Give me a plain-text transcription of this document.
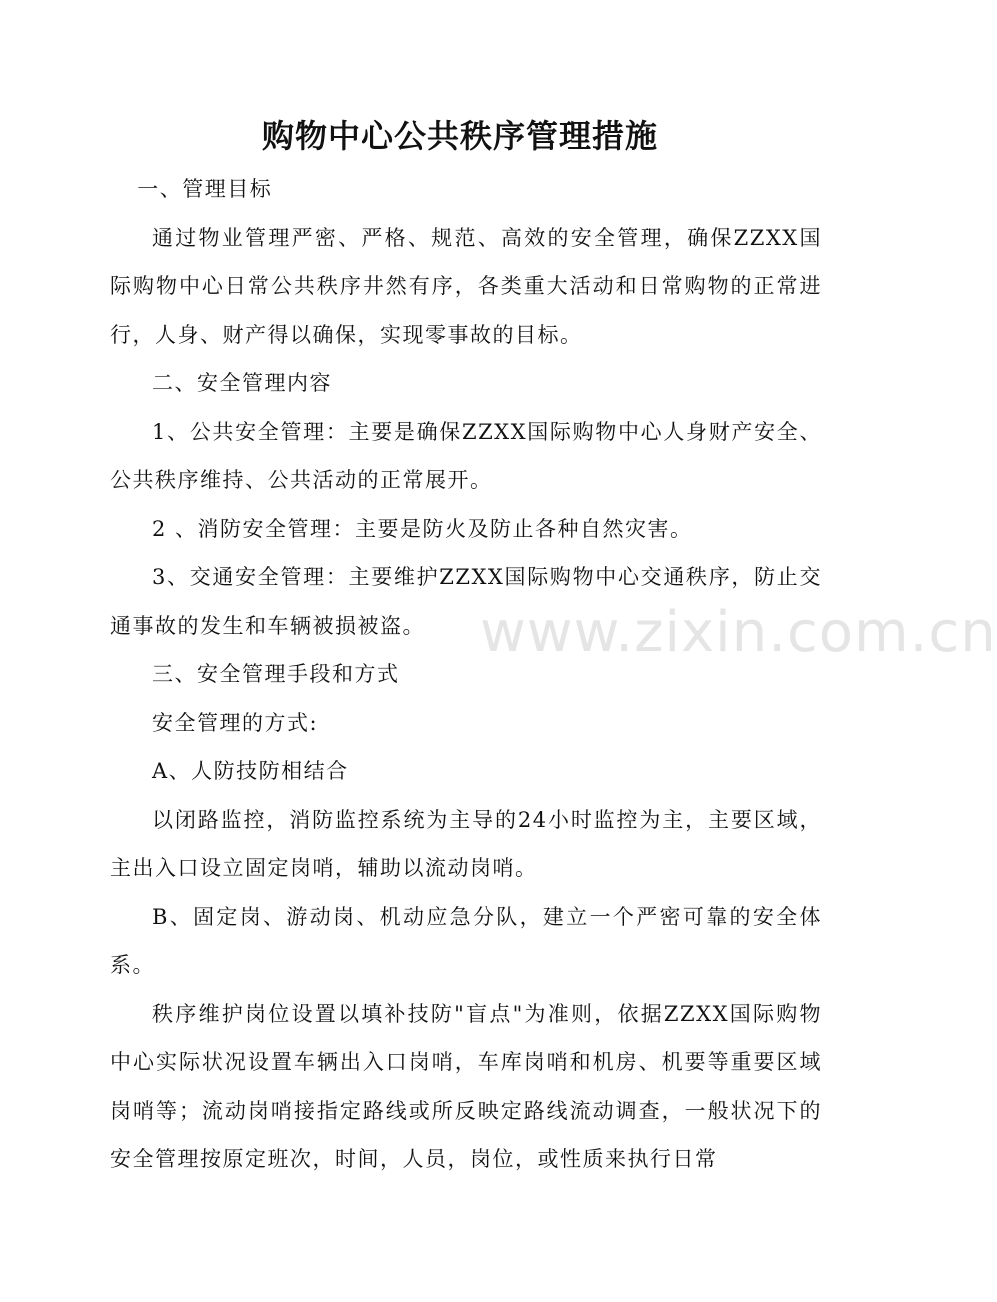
购物中心公共秩序管理措施

一、管理目标

通过物业管理严密、严格、规范、高效的安全管理，确保ZZXX国际购物中心日常公共秩序井然有序，各类重大活动和日常购物的正常进行，人身、财产得以确保，实现零事故的目标。

二、安全管理内容

1、公共安全管理：主要是确保ZZXX国际购物中心人身财产安全、公共秩序维持、公共活动的正常展开。

2 、消防安全管理：主要是防火及防止各种自然灾害。

3、交通安全管理：主要维护ZZXX国际购物中心交通秩序，防止交通事故的发生和车辆被损被盗。

三、安全管理手段和方式

安全管理的方式:

A、人防技防相结合

以闭路监控，消防监控系统为主导的24小时监控为主，主要区域，主出入口设立固定岗哨，辅助以流动岗哨。

B、固定岗、游动岗、机动应急分队，建立一个严密可靠的安全体系。

秩序维护岗位设置以填补技防"盲点"为准则，依据ZZXX国际购物中心实际状况设置车辆出入口岗哨，车库岗哨和机房、机要等重要区域岗哨等；流动岗哨接指定路线或所反映定路线流动调查，一般状况下的安全管理按原定班次，时间，人员，岗位，或性质来执行日常

www.zixin.com.cn
